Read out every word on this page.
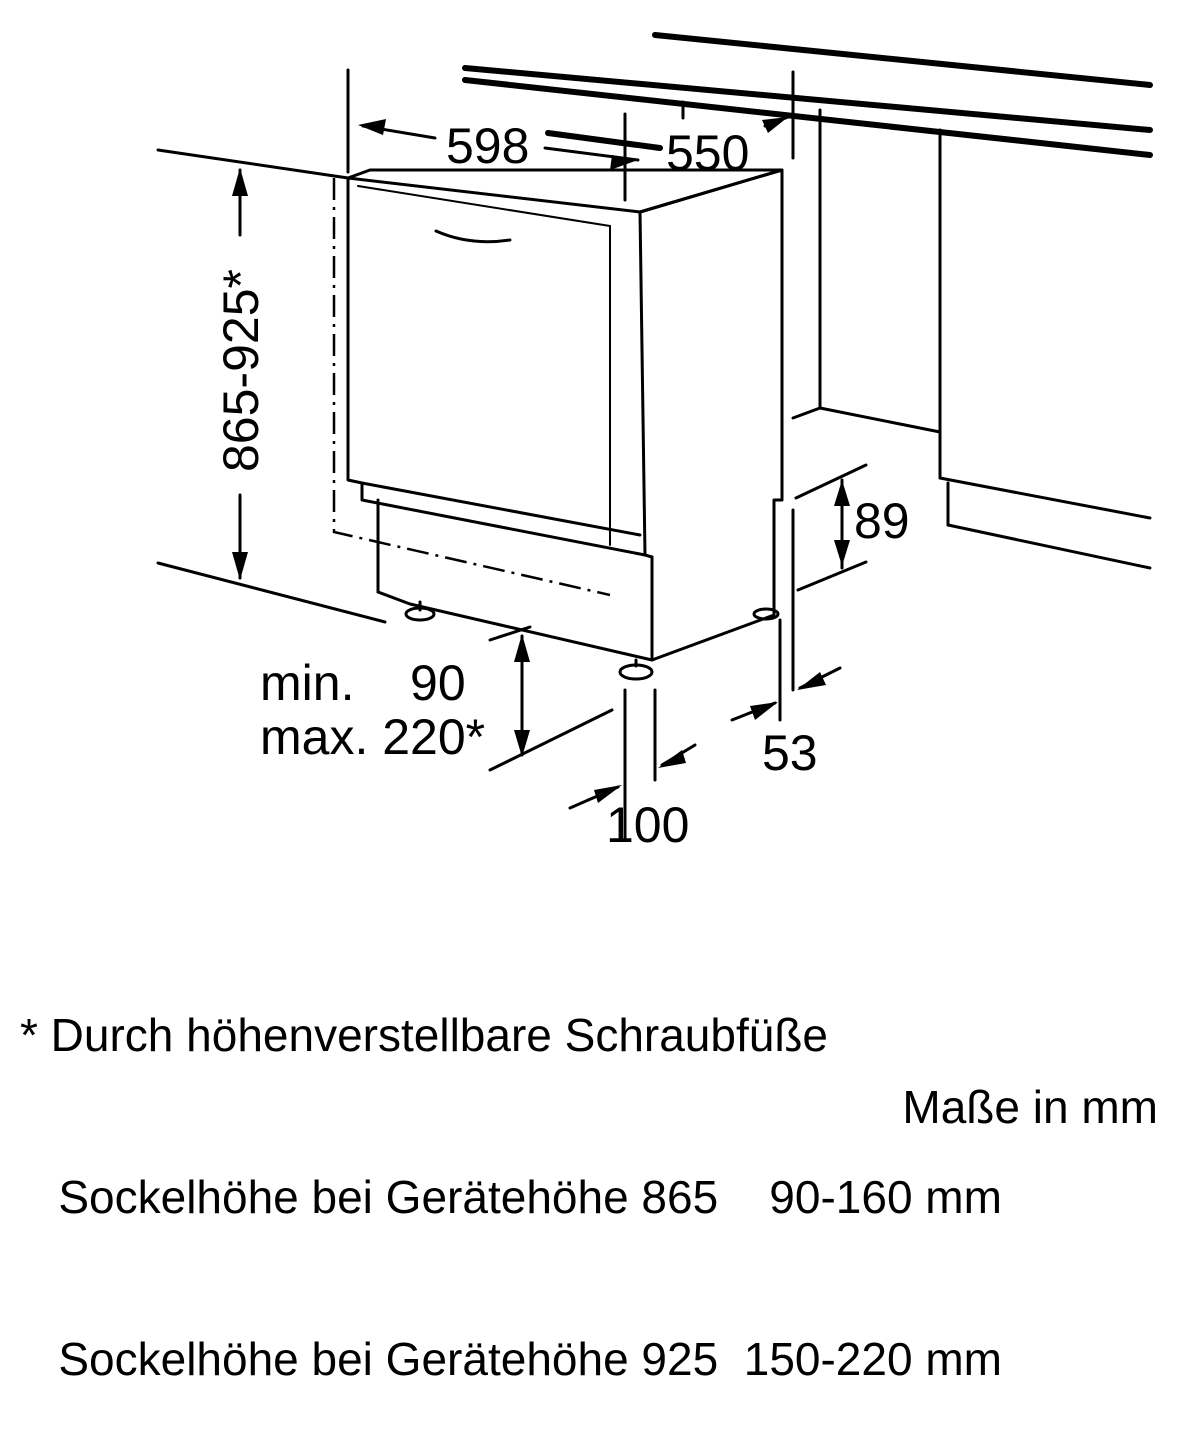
598	550
865-925*
89
min.    90
max. 220*	53
100

* Durch höhenverstellbare Schraubfüße

Sockelhöhe bei Gerätehöhe 865    90-160 mm

Sockelhöhe bei Gerätehöhe 925  150-220 mm

Maße in mm
